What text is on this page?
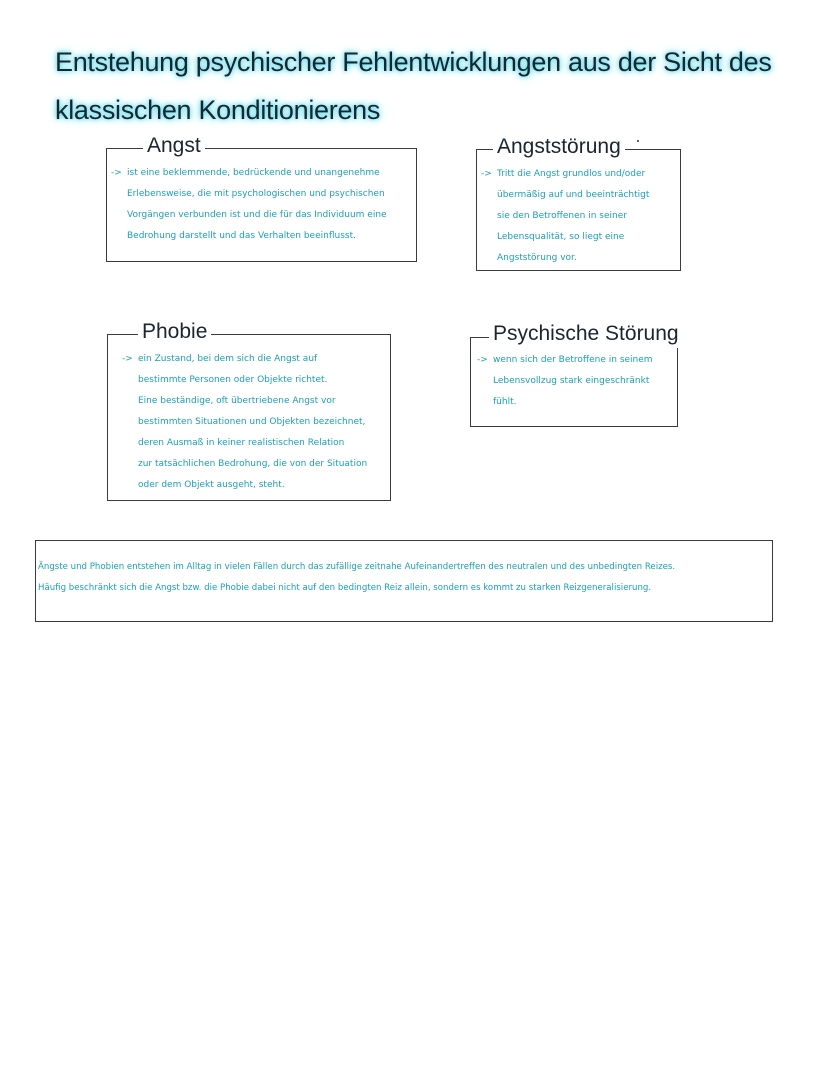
Entstehung psychischer Fehlentwicklungen aus der Sicht des
klassischen Konditionierens
Angst
-> ist eine beklemmende, bedrückende und unangenehme
Erlebensweise, die mit psychologischen und psychischen
Vorgängen verbunden ist und die für das Individuum eine
Bedrohung darstellt und das Verhalten beeinflusst.
Angststörung
-> Tritt die Angst grundlos und/oder
übermäßig auf und beeinträchtigt
sie den Betroffenen in seiner
Lebensqualität, so liegt eine
Angststörung vor.
Phobie
-> ein Zustand, bei dem sich die Angst auf
bestimmte Personen oder Objekte richtet.
Eine beständige, oft übertriebene Angst vor
bestimmten Situationen und Objekten bezeichnet,
deren Ausmaß in keiner realistischen Relation
zur tatsächlichen Bedrohung, die von der Situation
oder dem Objekt ausgeht, steht.
Psychische Störung
-> wenn sich der Betroffene in seinem
Lebensvollzug stark eingeschränkt
fühlt.
Ängste und Phobien entstehen im Alltag in vielen Fällen durch das zufällige zeitnahe Aufeinandertreffen des neutralen und des unbedingten Reizes.
Häufig beschränkt sich die Angst bzw. die Phobie dabei nicht auf den bedingten Reiz allein, sondern es kommt zu starken Reizgeneralisierung.
